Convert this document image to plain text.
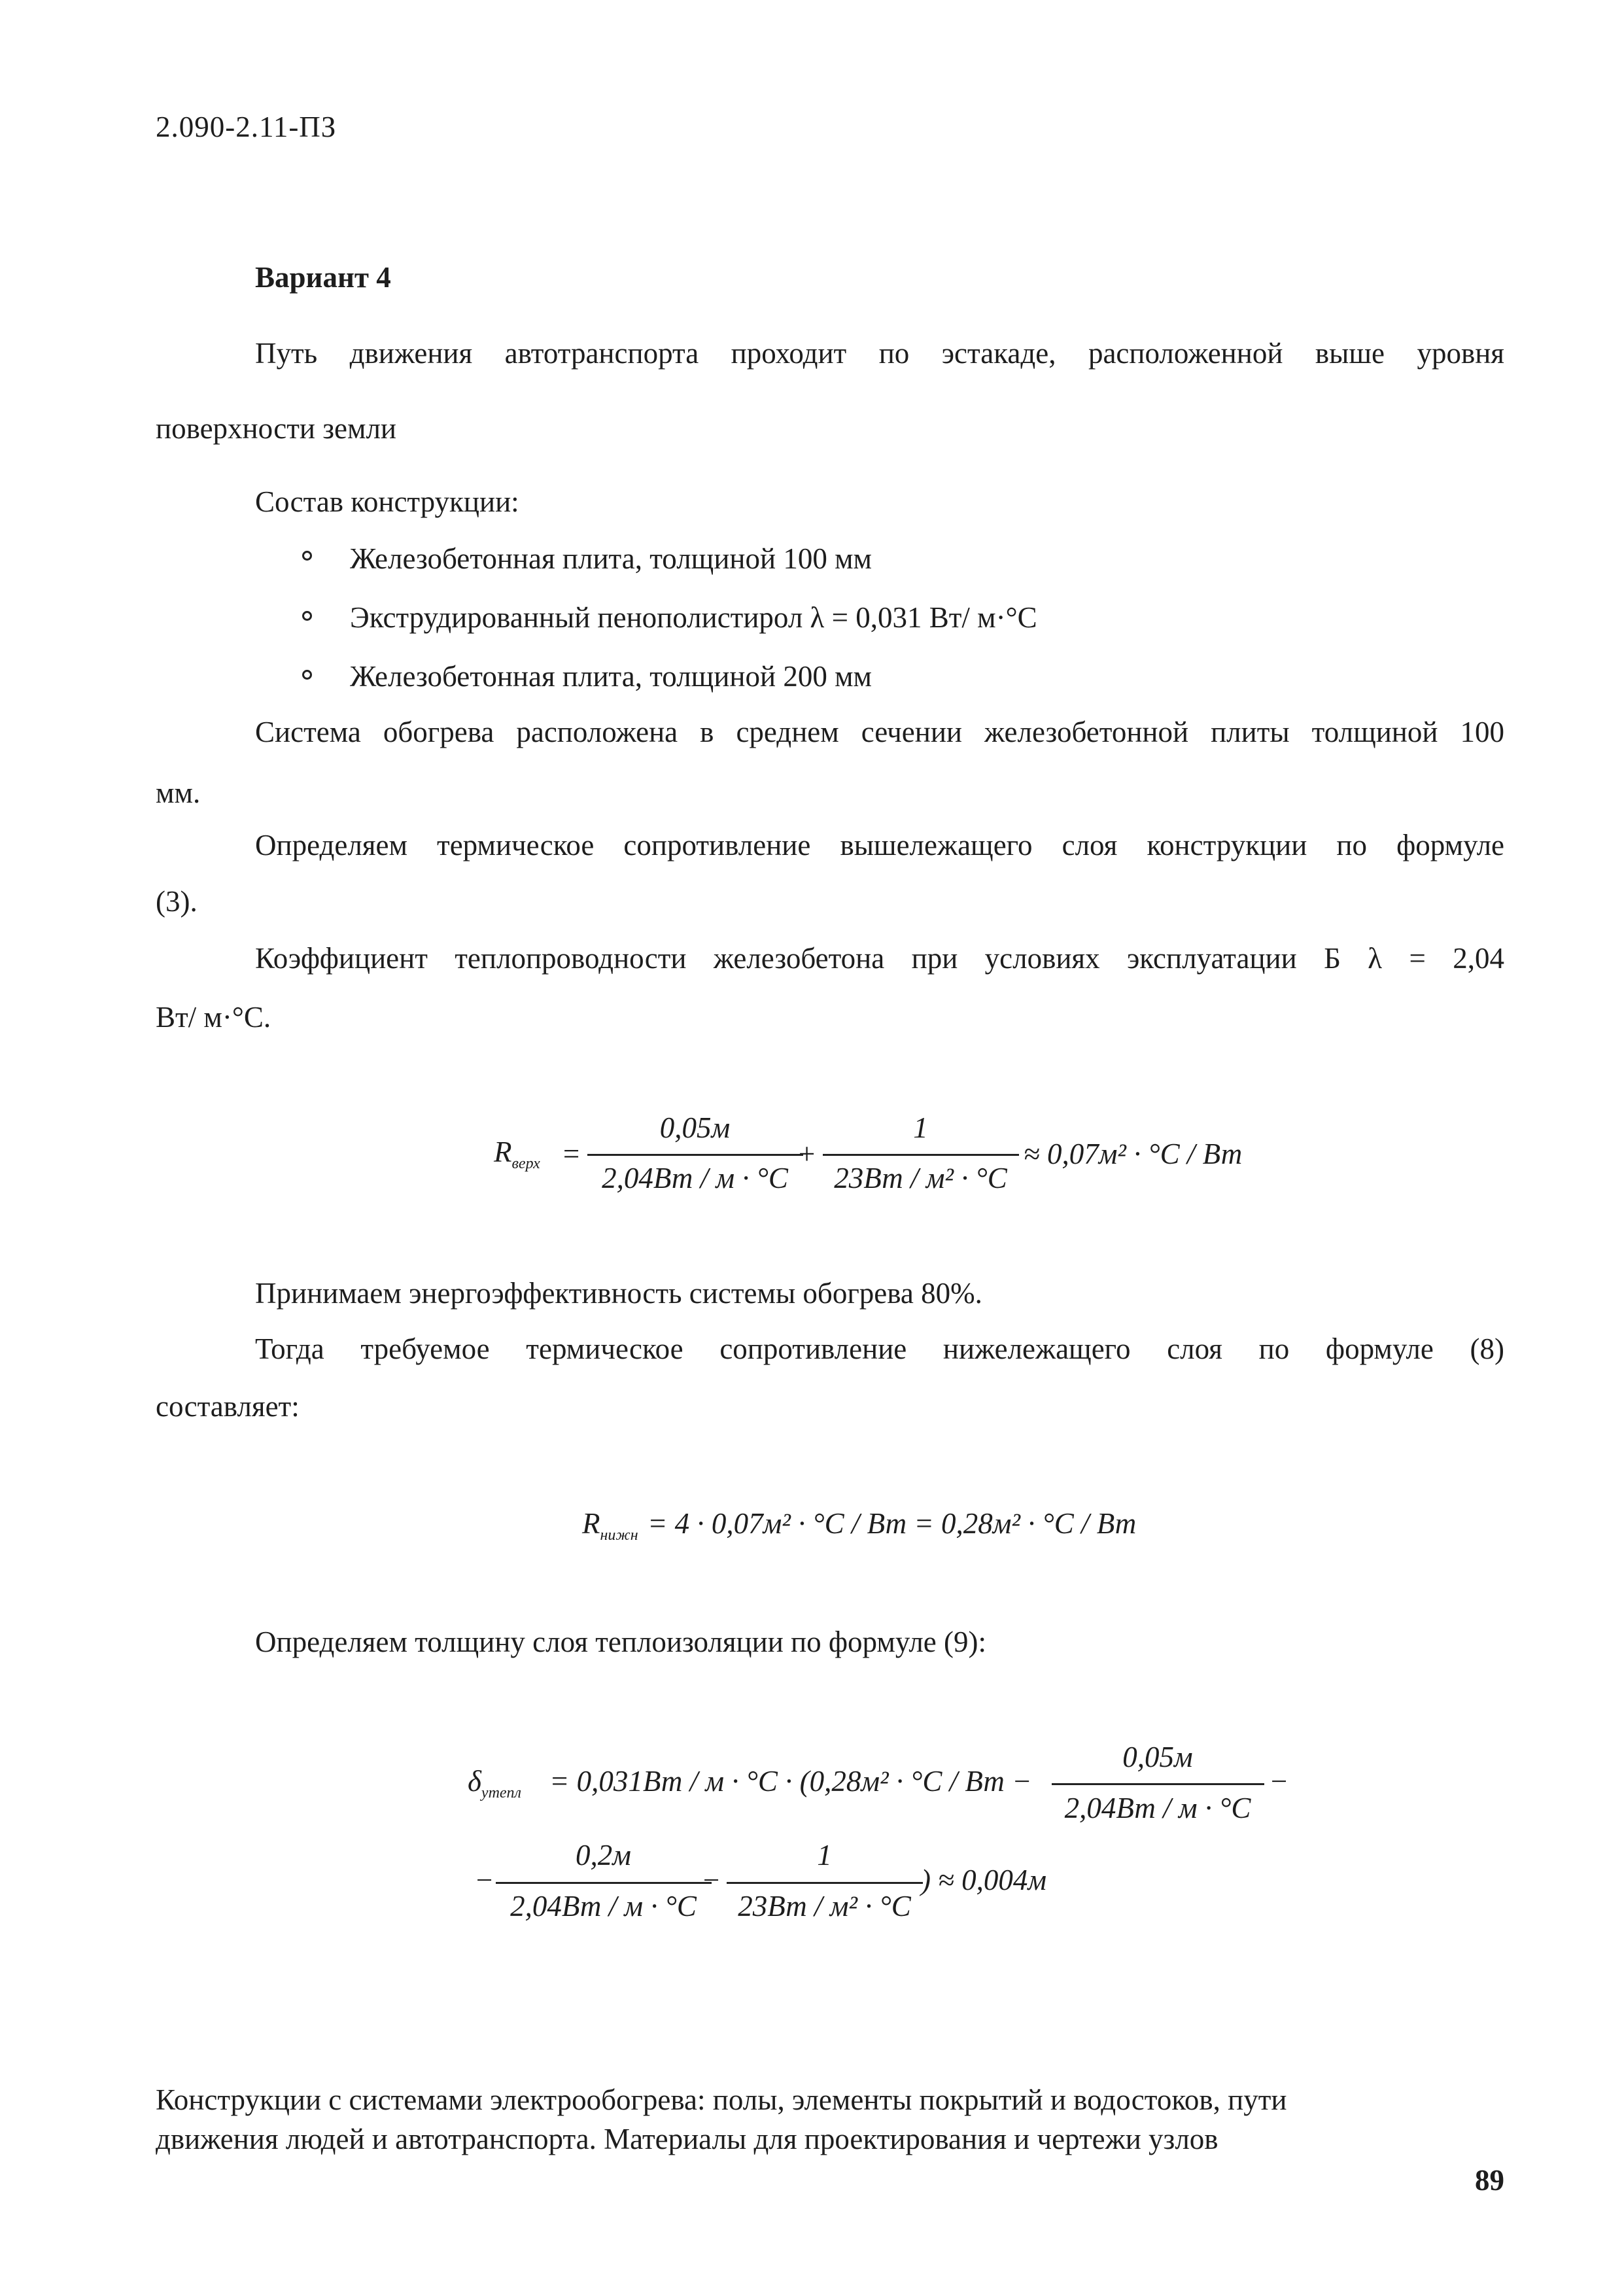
2.090-2.11-ПЗ
Вариант 4
Путь движения автотранспорта проходит по эстакаде, расположенной выше уровня
поверхности земли
Состав конструкции:
Железобетонная плита, толщиной 100 мм
Экструдированный пенополистирол λ = 0,031 Вт/ м·°С
Железобетонная плита, толщиной 200 мм
Система обогрева расположена в среднем сечении железобетонной плиты толщиной 100
мм.
Определяем термическое сопротивление вышележащего слоя конструкции по формуле
(3).
Коэффициент теплопроводности железобетона при условиях эксплуатации Б λ = 2,04
Вт/ м·°С.
$R_{верх}$ =
0,05м
2,04Вт / м · °С
+
1
23Вт / м² · °С
≈ 0,07м² · °С / Вт
Принимаем энергоэффективность системы обогрева 80%.
Тогда требуемое термическое сопротивление нижележащего слоя по формуле (8)
составляет:
$R_{нижн} = 4 \cdot 0,07м^2 \cdot ^\circ С$ / Вт = 0,28м² · °С / Вт
Определяем толщину слоя теплоизоляции по формуле (9):
$\delta_{утепл} = 0,031Вт / м \cdot ^\circ С \cdot (0,28м^2 \cdot ^\circ С$ / Вт −
0,05м
2,04Вт / м · °С
−
−
0,2м
2,04Вт / м · °С
−
1
23Вт / м² · °С
) ≈ 0,004м
Конструкции с системами электрообогрева: полы, элементы покрытий и водостоков, пути
движения людей и автотранспорта. Материалы для проектирования и чертежи узлов
89
